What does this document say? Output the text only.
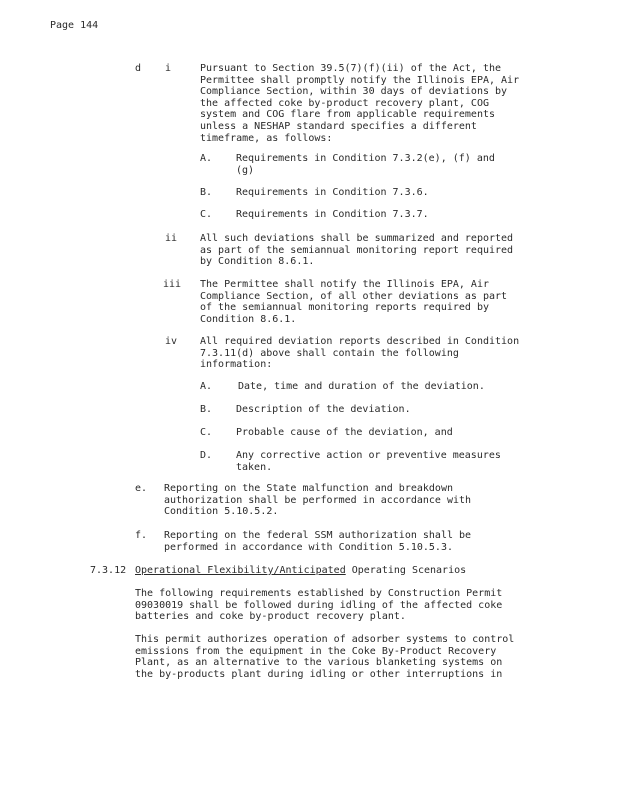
Page 144
d i	Pursuant to Section 39.5(7)(f)(ii) of the Act, the
Permittee shall promptly notify the Illinois EPA, Air
Compliance Section, within 30 days of deviations by
the affected coke by-product recovery plant, COG
system and COG flare from applicable requirements
unless a NESHAP standard specifies a different
timeframe, as follows:
A. Requirements in Condition 7.3.2(e), (f) and
(g)
B. Requirements in Condition 7.3.6.
C. Requirements in Condition 7.3.7.
ii All such deviations shall be summarized and reported
as part of the semiannual monitoring report required
by Condition 8.6.1.
iii The Permittee shall notify the Illinois EPA, Air
Compliance Section, of all other deviations as part
of the semiannual monitoring reports required by
Condition 8.6.1.
iv All required deviation reports described in Condition
7.3.11(d) above shall contain the following
information:
A.	Date, time and duration of the deviation.
B. Description of the deviation.
C. Probable cause of the deviation, and
D. Any corrective action or preventive measures
taken.
e. Reporting on the State malfunction and breakdown
authorization shall be performed in accordance with
Condition 5.10.5.2.
f. Reporting on the federal SSM authorization shall be
performed in accordance with Condition 5.10.5.3.
7.3.12 Operational Flexibility/Anticipated Operating Scenarios
The following requirements established by Construction Permit
09030019 shall be followed during idling of the affected coke
batteries and coke by-product recovery plant.
This permit authorizes operation of adsorber systems to control
emissions from the equipment in the Coke By-Product Recovery
Plant, as an alternative to the various blanketing systems on
the by-products plant during idling or other interruptions in
